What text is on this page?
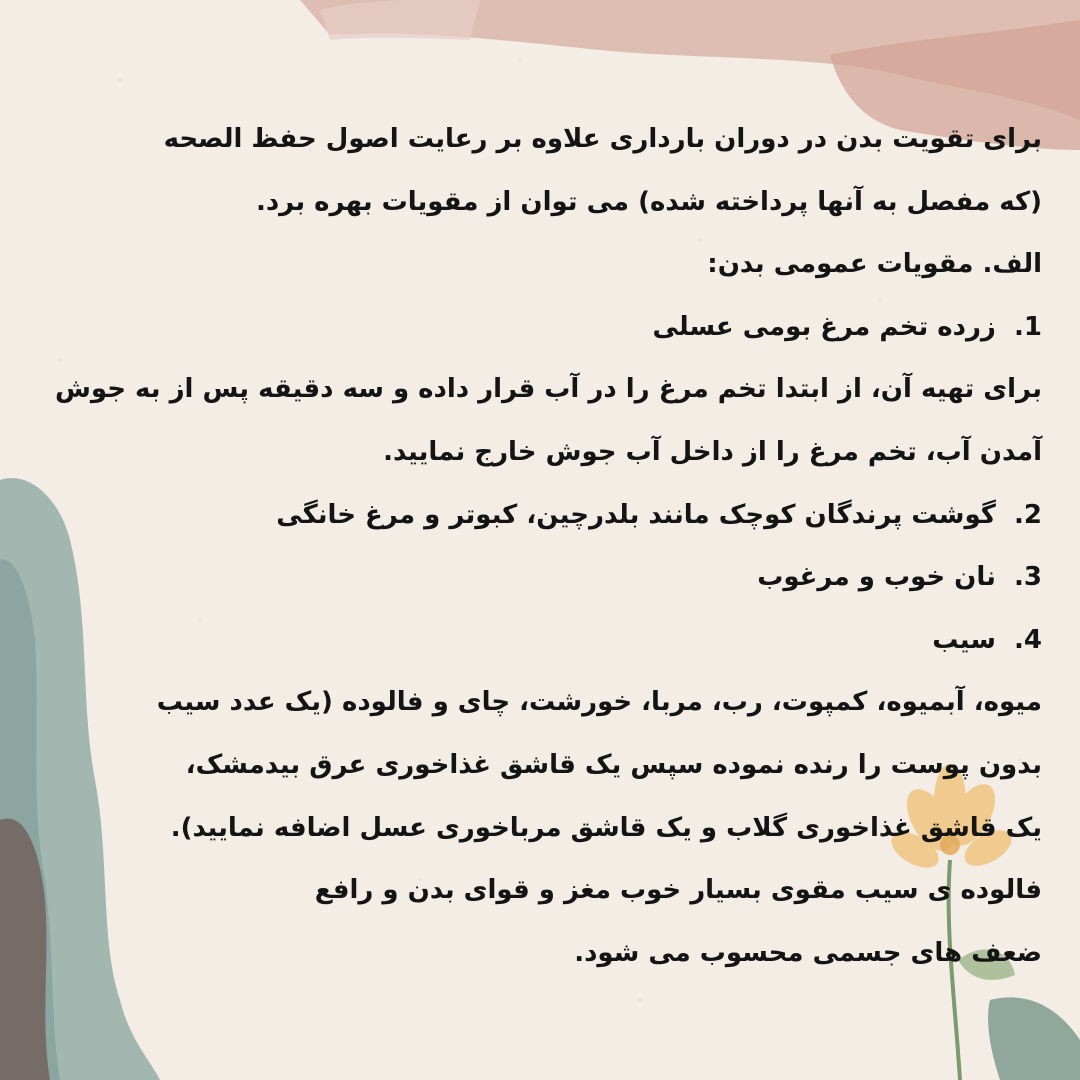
برای تقویت بدن در دوران بارداری علاوه بر رعایت اصول حفظ الصحه
(که مفصل به آنها پرداخته شده) می توان از مقویات بهره برد.
الف. مقویات عمومی بدن:
1.  زرده تخم مرغ بومی عسلی
برای تهیه آن، از ابتدا تخم مرغ را در آب قرار داده و سه دقیقه پس از به جوش
آمدن آب، تخم مرغ را از داخل آب جوش خارج نمایید.
2.  گوشت پرندگان کوچک مانند بلدرچین، کبوتر و مرغ خانگی
3.  نان خوب و مرغوب
4.  سیب
میوه، آبمیوه، کمپوت، رب، مربا، خورشت، چای و فالوده (یک عدد سیب
بدون پوست را رنده نموده سپس یک قاشق غذاخوری عرق بیدمشک،
یک قاشق غذاخوری گلاب و یک قاشق مرباخوری عسل اضافه نمایید).
فالوده ی سیب مقوی بسیار خوب مغز و قوای بدن و رافع
ضعف های جسمی محسوب می شود.
